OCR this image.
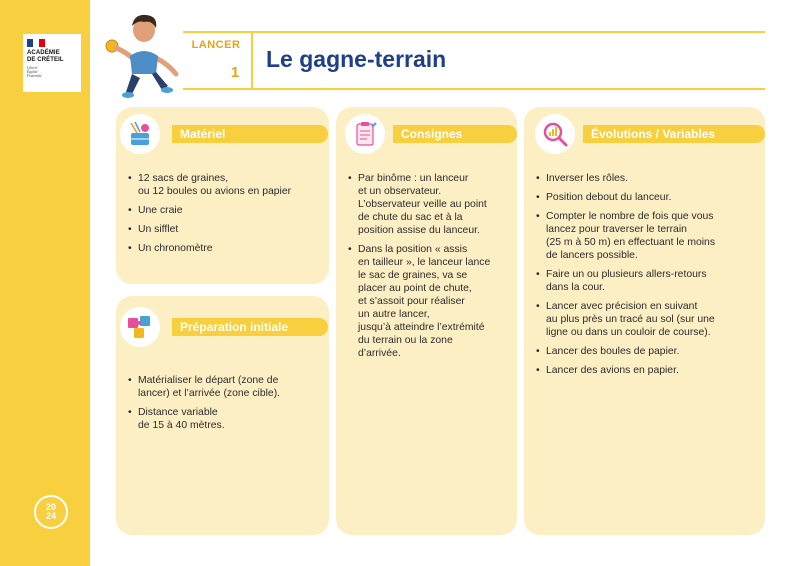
ACADÉMIE
DE CRÉTEIL
Liberté
Égalité
Fraternité
20
24
LANCER
1
Le gagne-terrain
Matériel
Préparation initiale
Consignes	Évolutions / Variables
• 12 sacs de graines,
ou 12 boules ou avions en papier
• Une craie
• Un sifflet
• Un chronomètre
• Matérialiser le départ (zone de
lancer) et l’arrivée (zone cible).
• Distance variable
de 15 à 40 mètres.
• Par binôme : un lanceur
et un observateur.
L’observateur veille au point
de chute du sac et à la
position assise du lanceur.
• Dans la position « assis
en tailleur », le lanceur lance
le sac de graines, va se
placer au point de chute,
et s’assoit pour réaliser
un autre lancer,
jusqu’à atteindre l’extrémité
du terrain ou la zone
d’arrivée.
• Inverser les rôles.
• Position debout du lanceur.
• Compter le nombre de fois que vous
lancez pour traverser le terrain
(25 m à 50 m) en effectuant le moins
de lancers possible.
• Faire un ou plusieurs allers-retours
dans la cour.
• Lancer avec précision en suivant
au plus près un tracé au sol (sur une
ligne ou dans un couloir de course).
• Lancer des boules de papier.
• Lancer des avions en papier.
